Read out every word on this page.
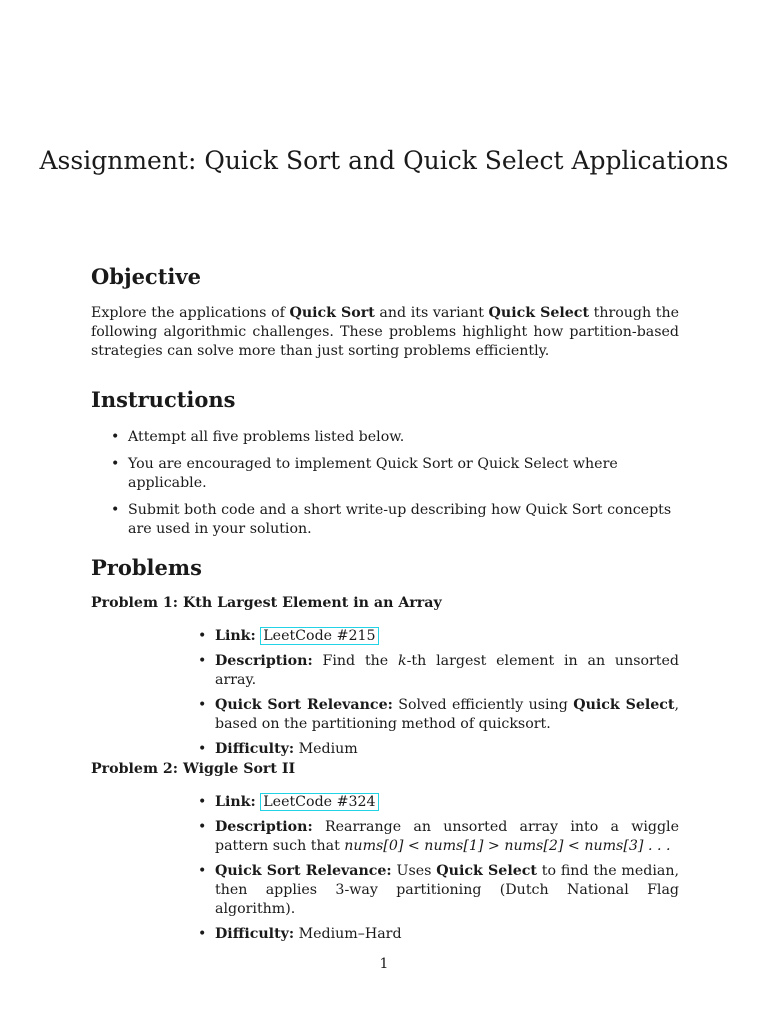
Assignment: Quick Sort and Quick Select Applications
Objective

Explore the applications of Quick Sort and its variant Quick Select through the following algorithmic challenges. These problems highlight how partition-based strategies can solve more than just sorting problems efficiently.

Instructions
• Attempt all five problems listed below.
• You are encouraged to implement Quick Sort or Quick Select where applicable.
• Submit both code and a short write-up describing how Quick Sort concepts are used in your solution.
Problems
Problem 1: Kth Largest Element in an Array
• Link: LeetCode #215
• Description: Find the k-th largest element in an unsorted array.
• Quick Sort Relevance: Solved efficiently using Quick Select, based on the partitioning method of quicksort.
• Difficulty: Medium
Problem 2: Wiggle Sort II
• Link: LeetCode #324
• Description: Rearrange an unsorted array into a wiggle pattern such that nums[0] < nums[1] > nums[2] < nums[3] . . .
• Quick Sort Relevance: Uses Quick Select to find the median, then applies 3-way partitioning (Dutch National Flag algorithm).
• Difficulty: Medium–Hard
1
